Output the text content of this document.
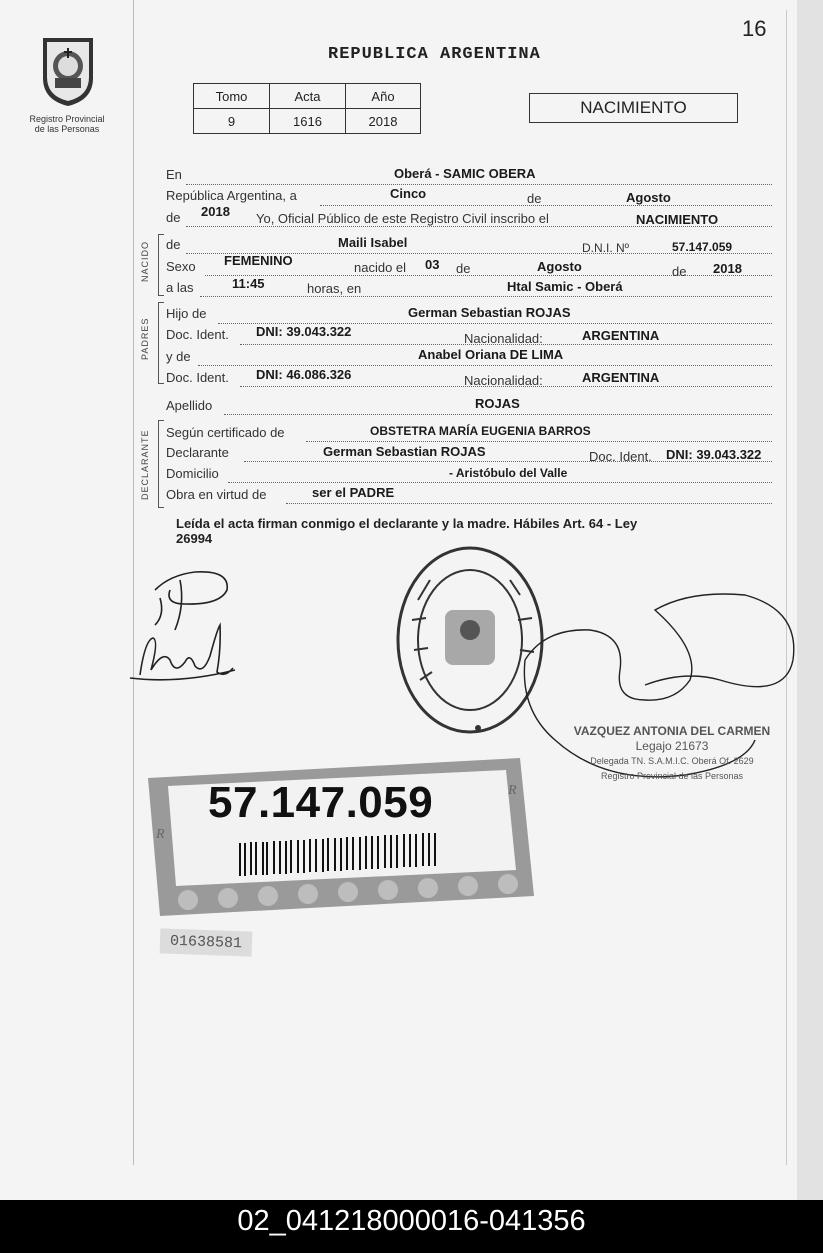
Registro Provincial
de las Personas
16
REPUBLICA ARGENTINA
Tomo	Acta	Año
9	1616	2018
NACIMIENTO
NACIDO
PADRES
DECLARANTE
En	Oberá - SAMIC OBERA
República Argentina, a	Cinco	de	Agosto
de 2018 Yo, Oficial Público de este Registro Civil inscribo el	NACIMIENTO
de	Maili Isabel	D.N.I. Nº	57.147.059
Sexo FEMENINO	nacido el 03 de	Agosto	de 2018
a las	11:45	horas, en	Htal Samic - Oberá
Hijo de	German Sebastian ROJAS
Doc. Ident. DNI: 39.043.322	Nacionalidad:	ARGENTINA
y de	Anabel Oriana DE LIMA
Doc. Ident. DNI: 46.086.326	Nacionalidad:	ARGENTINA
Apellido	ROJAS
Según certificado de	OBSTETRA MARÍA EUGENIA BARROS
Declarante	German Sebastian ROJAS	Doc. Ident. DNI: 39.043.322
Domicilio	- Aristóbulo del Valle
Obra en virtud de	ser el PADRE
Leída el acta firman conmigo el declarante y la madre. Hábiles Art. 64 - Ley
26994
VAZQUEZ ANTONIA DEL CARMEN
Legajo 21673
Delegada TN. S.A.M.I.C. Oberá Of. 2629
Registro Provincial de las Personas
R
R
57.147.059
01638581
02_041218000016-041356
